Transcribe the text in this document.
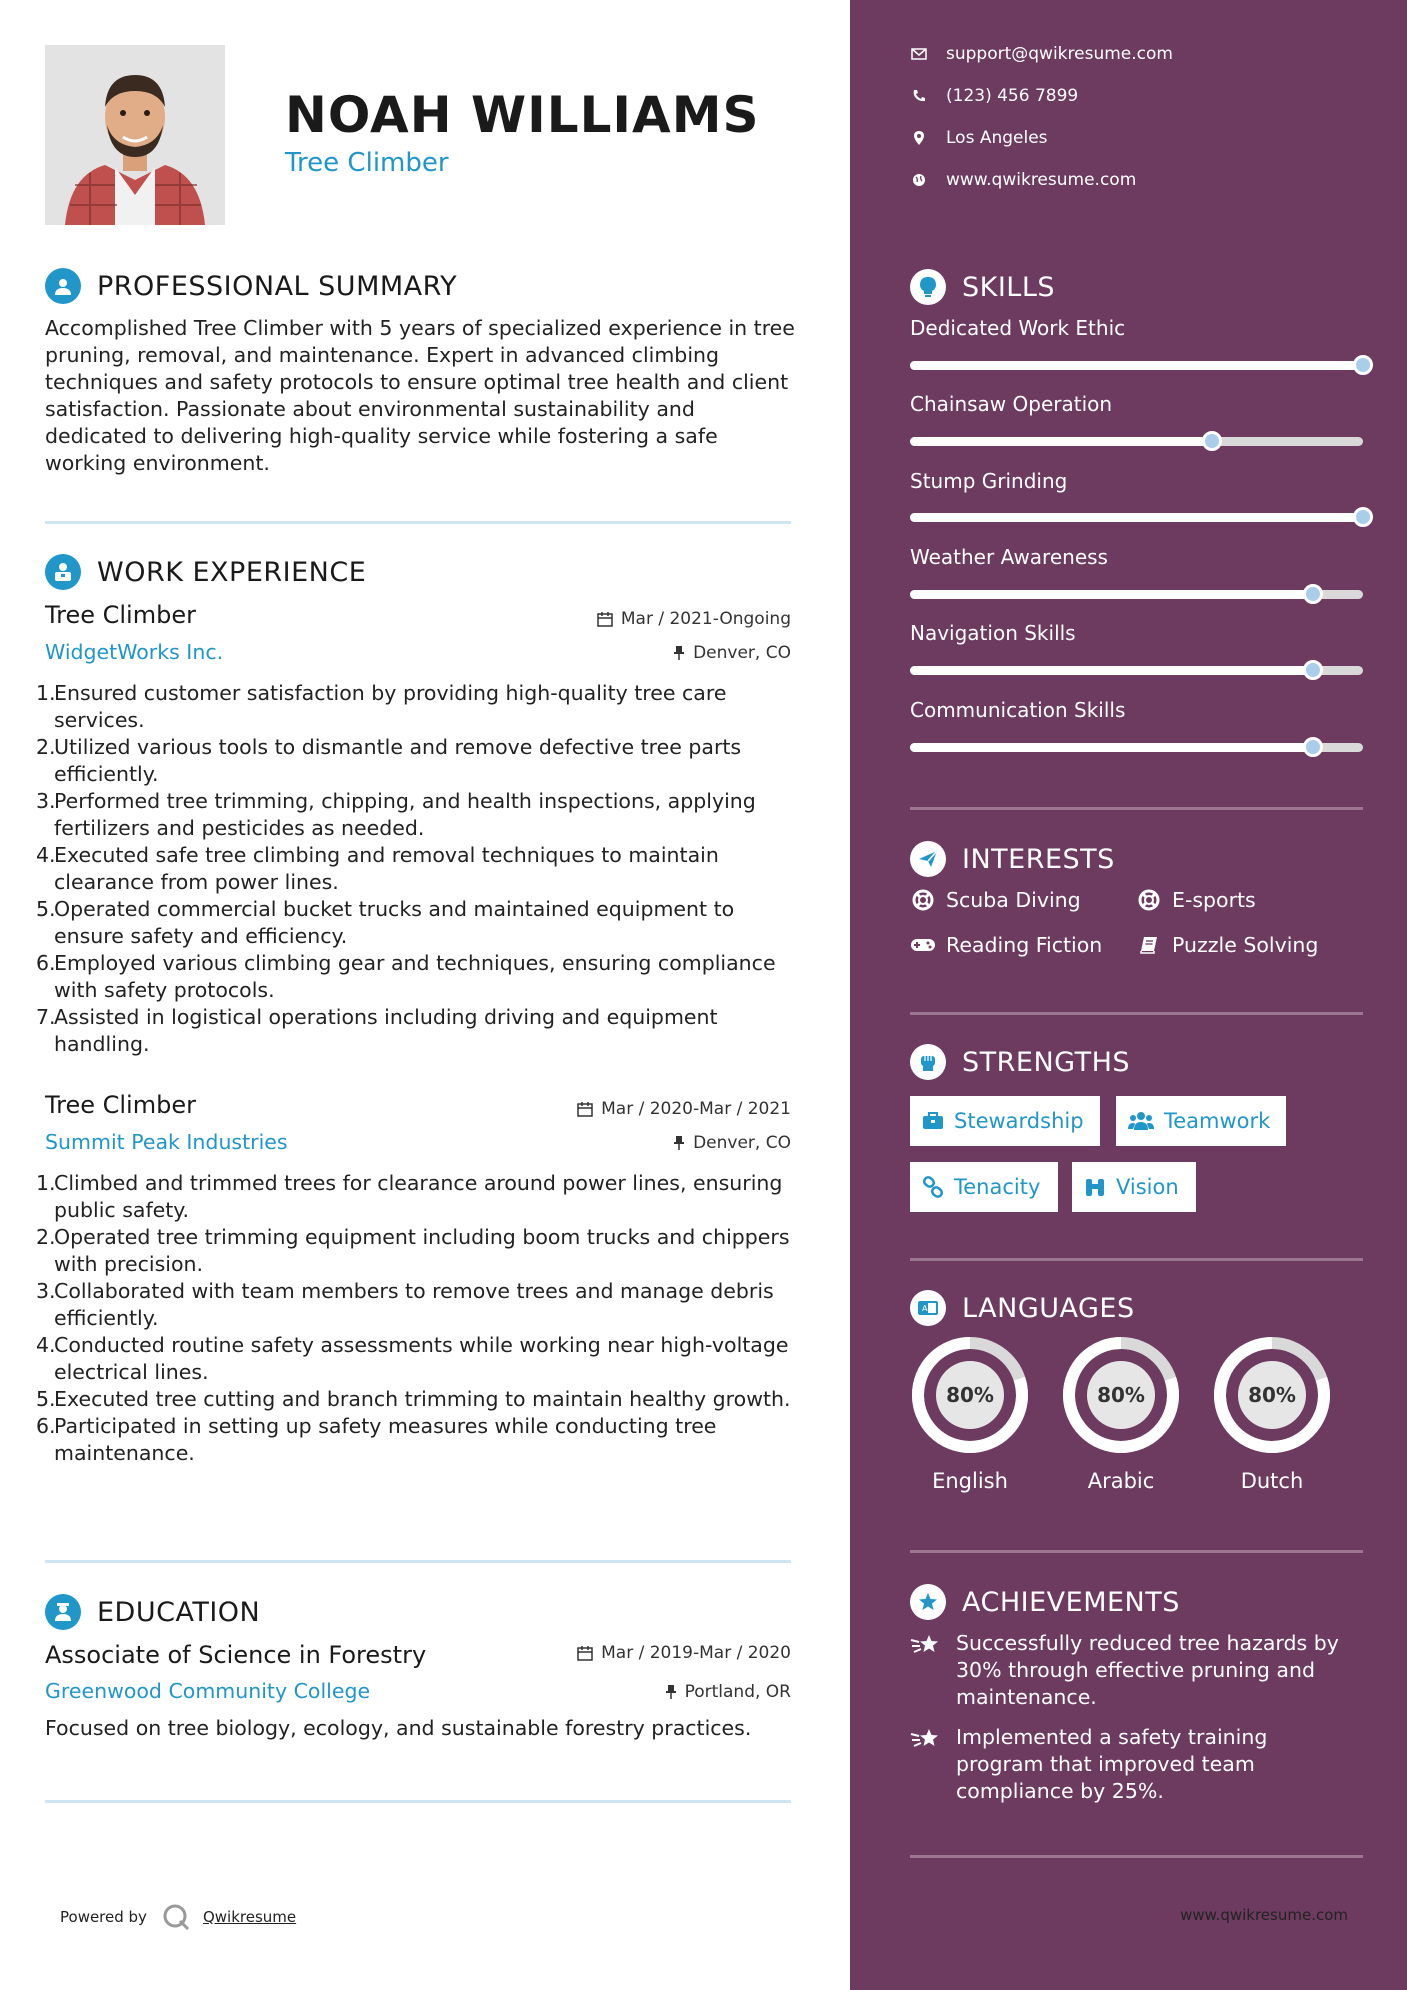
NOAH WILLIAMS
Tree Climber
PROFESSIONAL SUMMARY
Accomplished Tree Climber with 5 years of specialized experience in tree pruning, removal, and maintenance. Expert in advanced climbing techniques and safety protocols to ensure optimal tree health and client satisfaction. Passionate about environmental sustainability and dedicated to delivering high-quality service while fostering a safe working environment.
WORK EXPERIENCE
Tree Climber	Mar / 2021-Ongoing
WidgetWorks Inc.	Denver, CO
1.
Ensured customer satisfaction by providing high-quality tree care services.
2.
Utilized various tools to dismantle and remove defective tree parts efficiently.
3.
Performed tree trimming, chipping, and health inspections, applying fertilizers and pesticides as needed.
4.
Executed safe tree climbing and removal techniques to maintain clearance from power lines.
5.
Operated commercial bucket trucks and maintained equipment to ensure safety and efficiency.
6.
Employed various climbing gear and techniques, ensuring compliance with safety protocols.
7.
Assisted in logistical operations including driving and equipment handling.
Tree Climber	Mar / 2020-Mar / 2021
Summit Peak Industries	Denver, CO
1.
Climbed and trimmed trees for clearance around power lines, ensuring public safety.
2.
Operated tree trimming equipment including boom trucks and chippers with precision.
3.
Collaborated with team members to remove trees and manage debris efficiently.
4.
Conducted routine safety assessments while working near high-voltage electrical lines.
5.
Executed tree cutting and branch trimming to maintain healthy growth.
6.
Participated in setting up safety measures while conducting tree maintenance.
EDUCATION
Associate of Science in Forestry	Mar / 2019-Mar / 2020
Greenwood Community College	Portland, OR
Focused on tree biology, ecology, and sustainable forestry practices.
Powered by	Qwikresume
support@qwikresume.com
(123) 456 7899
Los Angeles
www.qwikresume.com
SKILLS
Dedicated Work Ethic
Chainsaw Operation
Stump Grinding
Weather Awareness
Navigation Skills
Communication Skills
INTERESTS
Scuba Diving	E-sports
Reading Fiction	Puzzle Solving
STRENGTHS
Stewardship	Teamwork
Tenacity	Vision
A LANGUAGES
80%
English
80%
Arabic
80%
Dutch
ACHIEVEMENTS
Successfully reduced tree hazards by 30% through effective pruning and maintenance.
Implemented a safety training program that improved team compliance by 25%.
www.qwikresume.com
